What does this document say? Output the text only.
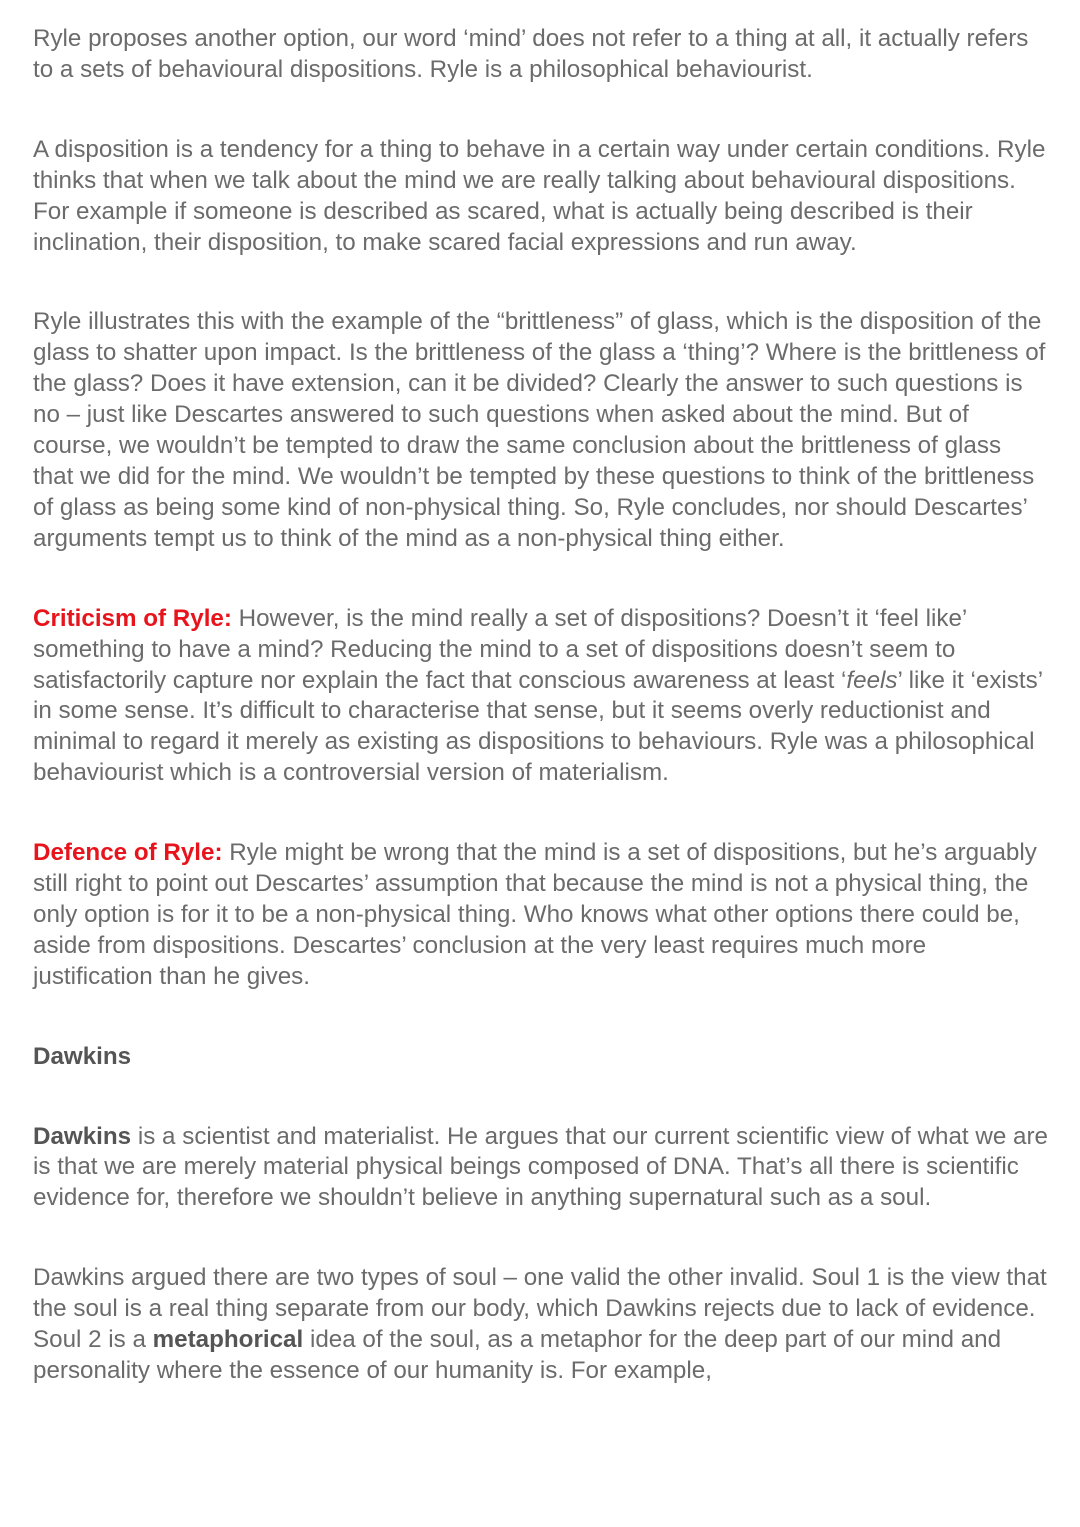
Ryle proposes another option, our word ‘mind’ does not refer to a thing at all, it actually refers to a sets of behavioural dispositions. Ryle is a philosophical behaviourist.

A disposition is a tendency for a thing to behave in a certain way under certain conditions. Ryle thinks that when we talk about the mind we are really talking about behavioural dispositions. For example if someone is described as scared, what is actually being described is their inclination, their disposition, to make scared facial expressions and run away.

Ryle illustrates this with the example of the “brittleness” of glass, which is the disposition of the glass to shatter upon impact. Is the brittleness of the glass a ‘thing’? Where is the brittleness of the glass? Does it have extension, can it be divided? Clearly the answer to such questions is no – just like Descartes answered to such questions when asked about the mind. But of course, we wouldn’t be tempted to draw the same conclusion about the brittleness of glass that we did for the mind. We wouldn’t be tempted by these questions to think of the brittleness of glass as being some kind of non-physical thing. So, Ryle concludes, nor should Descartes’ arguments tempt us to think of the mind as a non-physical thing either.

Criticism of Ryle: However, is the mind really a set of dispositions? Doesn’t it ‘feel like’ something to have a mind? Reducing the mind to a set of dispositions doesn’t seem to satisfactorily capture nor explain the fact that conscious awareness at least ‘feels’ like it ‘exists’ in some sense. It’s difficult to characterise that sense, but it seems overly reductionist and minimal to regard it merely as existing as dispositions to behaviours. Ryle was a philosophical behaviourist which is a controversial version of materialism.

Defence of Ryle: Ryle might be wrong that the mind is a set of dispositions, but he’s arguably still right to point out Descartes’ assumption that because the mind is not a physical thing, the only option is for it to be a non-physical thing. Who knows what other options there could be, aside from dispositions. Descartes’ conclusion at the very least requires much more justification than he gives.

Dawkins

Dawkins is a scientist and materialist. He argues that our current scientific view of what we are is that we are merely material physical beings composed of DNA. That’s all there is scientific evidence for, therefore we shouldn’t believe in anything supernatural such as a soul.

Dawkins argued there are two types of soul – one valid the other invalid. Soul 1 is the view that the soul is a real thing separate from our body, which Dawkins rejects due to lack of evidence. Soul 2 is a metaphorical idea of the soul, as a metaphor for the deep part of our mind and personality where the essence of our humanity is. For example,
